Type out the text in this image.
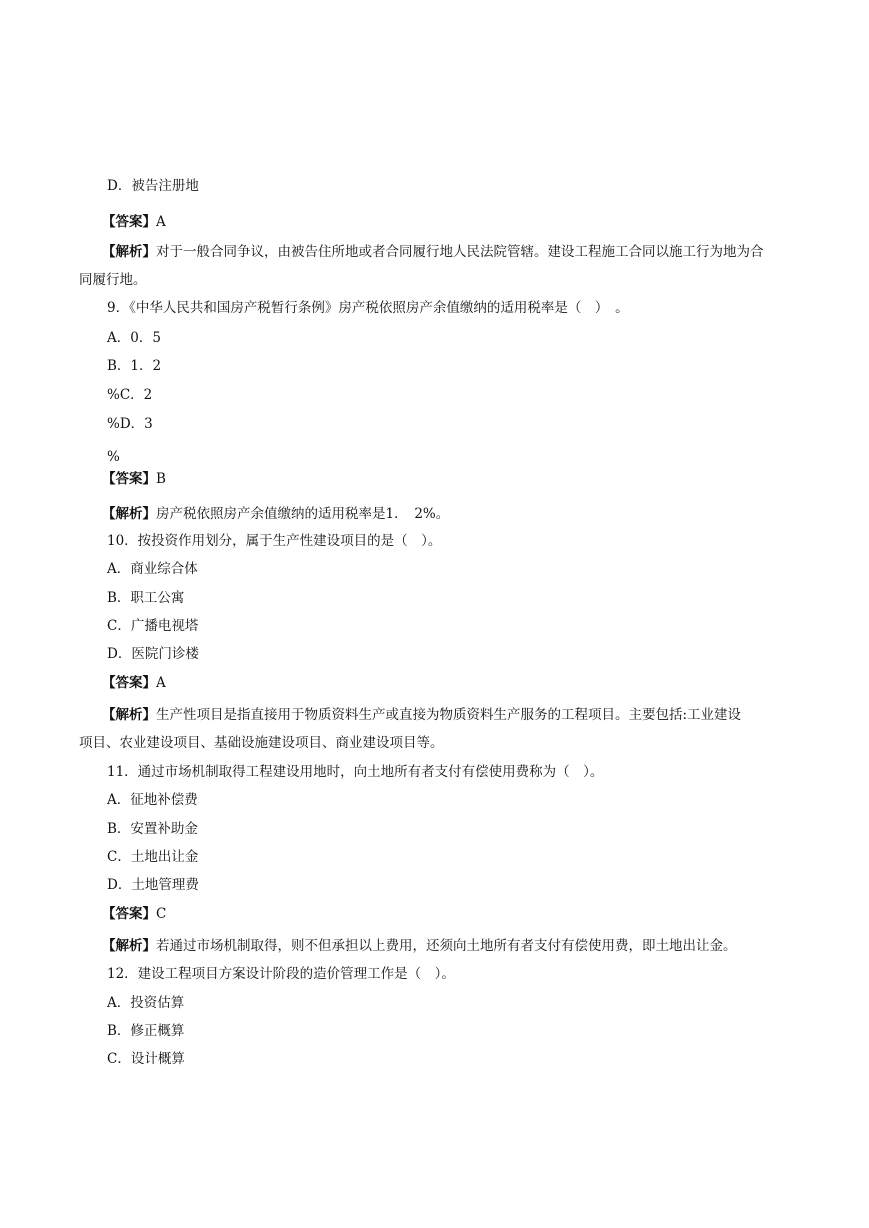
D．被告注册地
【答案】A
【解析】对于一般合同争议，由被告住所地或者合同履行地人民法院管辖。建设工程施工合同以施工行为地为合
同履行地。
9．《中华人民共和国房产税暂行条例》房产税依照房产余值缴纳的适用税率是（　）　。
A．0．5
B．1．2
%C．2
%D．3
%
【答案】B
【解析】房产税依照房产余值缴纳的适用税率是1．　2%。
10．按投资作用划分，属于生产性建设项目的是（　）。
A．商业综合体
B．职工公寓
C．广播电视塔
D．医院门诊楼
【答案】A
【解析】生产性项目是指直接用于物质资料生产或直接为物质资料生产服务的工程项目。主要包括:工业建设
项目、农业建设项目、基础设施建设项目、商业建设项目等。
11．通过市场机制取得工程建设用地时，向土地所有者支付有偿使用费称为（　）。
A．征地补偿费
B．安置补助金
C．土地出让金
D．土地管理费
【答案】C
【解析】若通过市场机制取得，则不但承担以上费用，还须向土地所有者支付有偿使用费，即土地出让金。
12．建设工程项目方案设计阶段的造价管理工作是（　）。
A．投资估算
B．修正概算
C．设计概算
